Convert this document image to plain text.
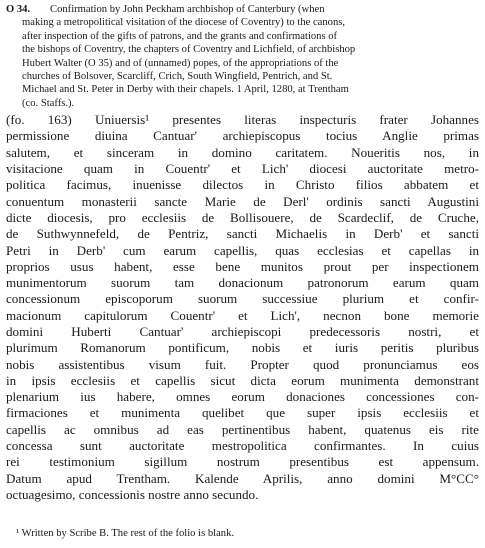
O 34. Confirmation by John Peckham archbishop of Canterbury (when
making a metropolitical visitation of the diocese of Coventry) to the canons,
after inspection of the gifts of patrons, and the grants and confirmations of
the bishops of Coventry, the chapters of Coventry and Lichfield, of archbishop
Hubert Walter (O 35) and of (unnamed) popes, of the appropriations of the
churches of Bolsover, Scarcliff, Crich, South Wingfield, Pentrich, and St.
Michael and St. Peter in Derby with their chapels. 1 April, 1280, at Trentham
(co. Staffs.).
(fo. 163) Uniuersis¹ presentes literas inspecturis frater Johannes
permissione diuina Cantuar' archiepiscopus tocius Anglie primas
salutem, et sinceram in domino caritatem. Noueritis nos, in
visitacione quam in Couentr' et Lich' diocesi auctoritate metro-
politica facimus, inuenisse dilectos in Christo filios abbatem et
conuentum monasterii sancte Marie de Derl' ordinis sancti Augustini
dicte diocesis, pro ecclesiis de Bollisouere, de Scardeclif, de Cruche,
de Suthwynnefeld, de Pentriz, sancti Michaelis in Derb' et sancti
Petri in Derb' cum earum capellis, quas ecclesias et capellas in
proprios usus habent, esse bene munitos prout per inspectionem
munimentorum suorum tam donacionum patronorum earum quam
concessionum episcoporum suorum successiue plurium et confir-
macionum capitulorum Couentr' et Lich', necnon bone memorie
domini Huberti Cantuar' archiepiscopi predecessoris nostri, et
plurimum Romanorum pontificum, nobis et iuris peritis pluribus
nobis assistentibus visum fuit. Propter quod pronunciamus eos
in ipsis ecclesiis et capellis sicut dicta eorum munimenta demonstrant
plenarium ius habere, omnes eorum donaciones concessiones con-
firmaciones et munimenta quelibet que super ipsis ecclesiis et
capellis ac omnibus ad eas pertinentibus habent, quatenus eis rite
concessa sunt auctoritate mestropolitica confirmantes. In cuius
rei testimonium sigillum nostrum presentibus est appensum.
Datum apud Trentham. Kalende Aprilis, anno domini M°CC°
octuagesimo, concessionis nostre anno secundo.
¹ Written by Scribe B. The rest of the folio is blank.
